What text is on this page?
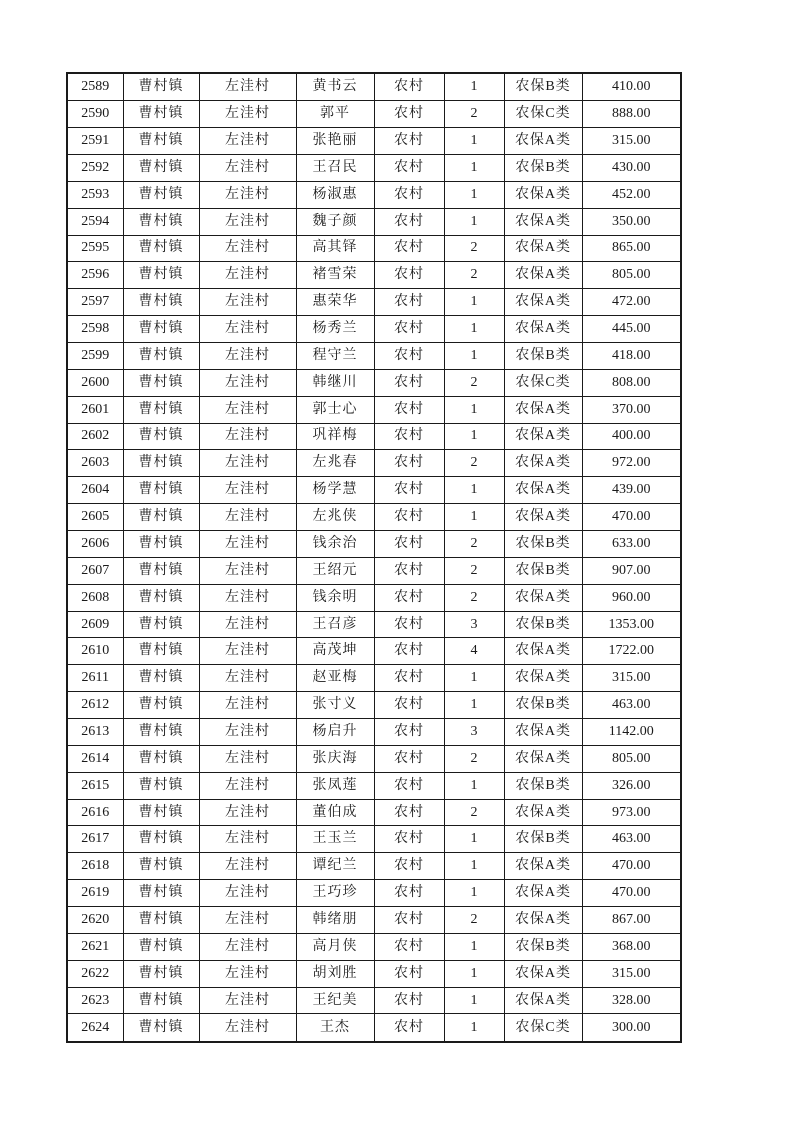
2589	曹村镇	左洼村	黄书云	农村	1	农保B类	410.00
2590	曹村镇	左洼村	郭平	农村	2	农保C类	888.00
2591	曹村镇	左洼村	张艳丽	农村	1	农保A类	315.00
2592	曹村镇	左洼村	王召民	农村	1	农保B类	430.00
2593	曹村镇	左洼村	杨淑惠	农村	1	农保A类	452.00
2594	曹村镇	左洼村	魏子颜	农村	1	农保A类	350.00
2595	曹村镇	左洼村	高其铎	农村	2	农保A类	865.00
2596	曹村镇	左洼村	褚雪荣	农村	2	农保A类	805.00
2597	曹村镇	左洼村	惠荣华	农村	1	农保A类	472.00
2598	曹村镇	左洼村	杨秀兰	农村	1	农保A类	445.00
2599	曹村镇	左洼村	程守兰	农村	1	农保B类	418.00
2600	曹村镇	左洼村	韩继川	农村	2	农保C类	808.00
2601	曹村镇	左洼村	郭士心	农村	1	农保A类	370.00
2602	曹村镇	左洼村	巩祥梅	农村	1	农保A类	400.00
2603	曹村镇	左洼村	左兆春	农村	2	农保A类	972.00
2604	曹村镇	左洼村	杨学慧	农村	1	农保A类	439.00
2605	曹村镇	左洼村	左兆侠	农村	1	农保A类	470.00
2606	曹村镇	左洼村	钱余治	农村	2	农保B类	633.00
2607	曹村镇	左洼村	王绍元	农村	2	农保B类	907.00
2608	曹村镇	左洼村	钱余明	农村	2	农保A类	960.00
2609	曹村镇	左洼村	王召彦	农村	3	农保B类	1353.00
2610	曹村镇	左洼村	高茂坤	农村	4	农保A类	1722.00
2611	曹村镇	左洼村	赵亚梅	农村	1	农保A类	315.00
2612	曹村镇	左洼村	张寸义	农村	1	农保B类	463.00
2613	曹村镇	左洼村	杨启升	农村	3	农保A类	1142.00
2614	曹村镇	左洼村	张庆海	农村	2	农保A类	805.00
2615	曹村镇	左洼村	张凤莲	农村	1	农保B类	326.00
2616	曹村镇	左洼村	董伯成	农村	2	农保A类	973.00
2617	曹村镇	左洼村	王玉兰	农村	1	农保B类	463.00
2618	曹村镇	左洼村	谭纪兰	农村	1	农保A类	470.00
2619	曹村镇	左洼村	王巧珍	农村	1	农保A类	470.00
2620	曹村镇	左洼村	韩绪朋	农村	2	农保A类	867.00
2621	曹村镇	左洼村	高月侠	农村	1	农保B类	368.00
2622	曹村镇	左洼村	胡刘胜	农村	1	农保A类	315.00
2623	曹村镇	左洼村	王纪美	农村	1	农保A类	328.00
2624	曹村镇	左洼村	王杰	农村	1	农保C类	300.00
